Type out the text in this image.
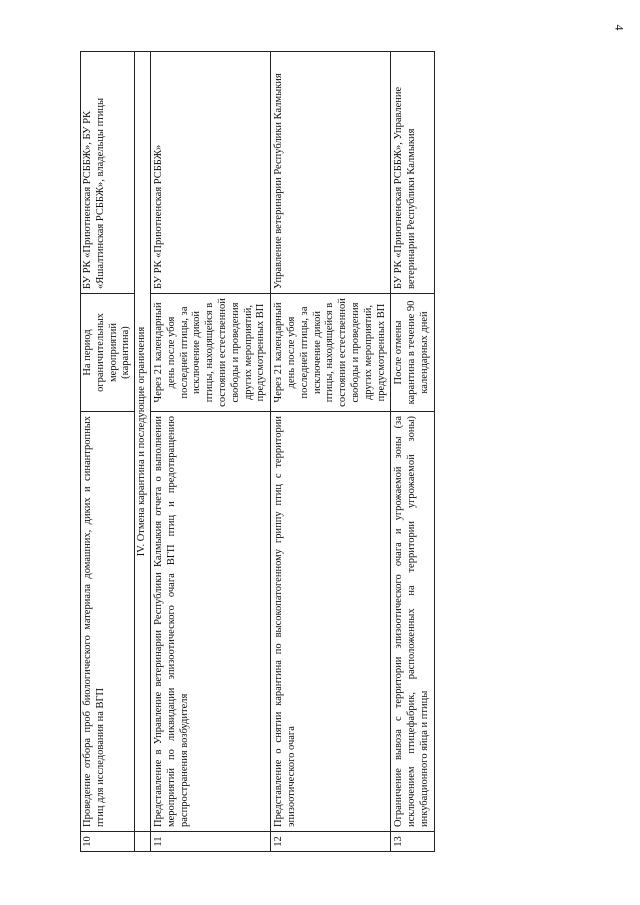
4
10	Проведение отбора проб биологического материала домашних, диких и синантропных птиц для исследования на ВГП	На период ограничительных мероприятий (карантина)	БУ РК «Приютненская РСББЖ», БУ РК «Яшалтинская РСББЖ», владельцы птицы
	IV. Отмена карантина и последующие ограничения		
11	Представление в Управление ветеринарии Республики Калмыкия отчета о выполнении мероприятий по ликвидации эпизоотического очага ВГП птиц и предотвращению распространения возбудителя	Через 21 календарный день после убоя последней птицы, за исключение дикой птицы, находящейся в состоянии естественной свободы и проведения других мероприятий, предусмотренных ВП	БУ РК «Приютненская РСББЖ»
12	Представление о снятии карантина по высокопатогенному гриппу птиц с территории эпизоотического очага	Через 21 календарный день после убоя последней птицы, за исключение дикой птицы, находящейся в состоянии естественной свободы и проведения других мероприятий, предусмотренных ВП	Управление ветеринарии Республики Калмыкия
13	Ограничение вывоза с территории эпизоотического очага и угрожаемой зоны (за исключением птицефабрик, расположенных на территории угрожаемой зоны) инкубационного яйца и птицы	После отмены карантина в течение 90 календарных дней	БУ РК «Приютненская РСББЖ», Управление ветеринарии Республики Калмыкия
